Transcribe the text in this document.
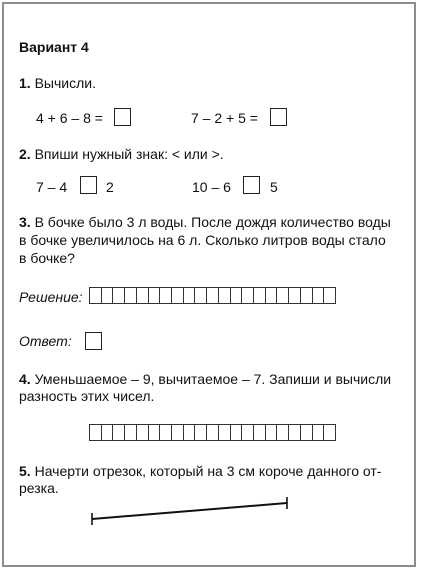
Вариант 4
1. Вычисли.
4 + 6 – 8 =	7 – 2 + 5 =
2. Впиши нужный знак: < или >.
7 – 4	2	10 – 6	5
3. В бочке было 3 л воды. После дождя количество воды
в бочке увеличилось на 6 л. Сколько литров воды стало
в бочке?
Решение:
Ответ:
4. Уменьшаемое – 9, вычитаемое – 7. Запиши и вычисли
разность этих чисел.
5. Начерти отрезок, который на 3 см короче данного от-
резка.
